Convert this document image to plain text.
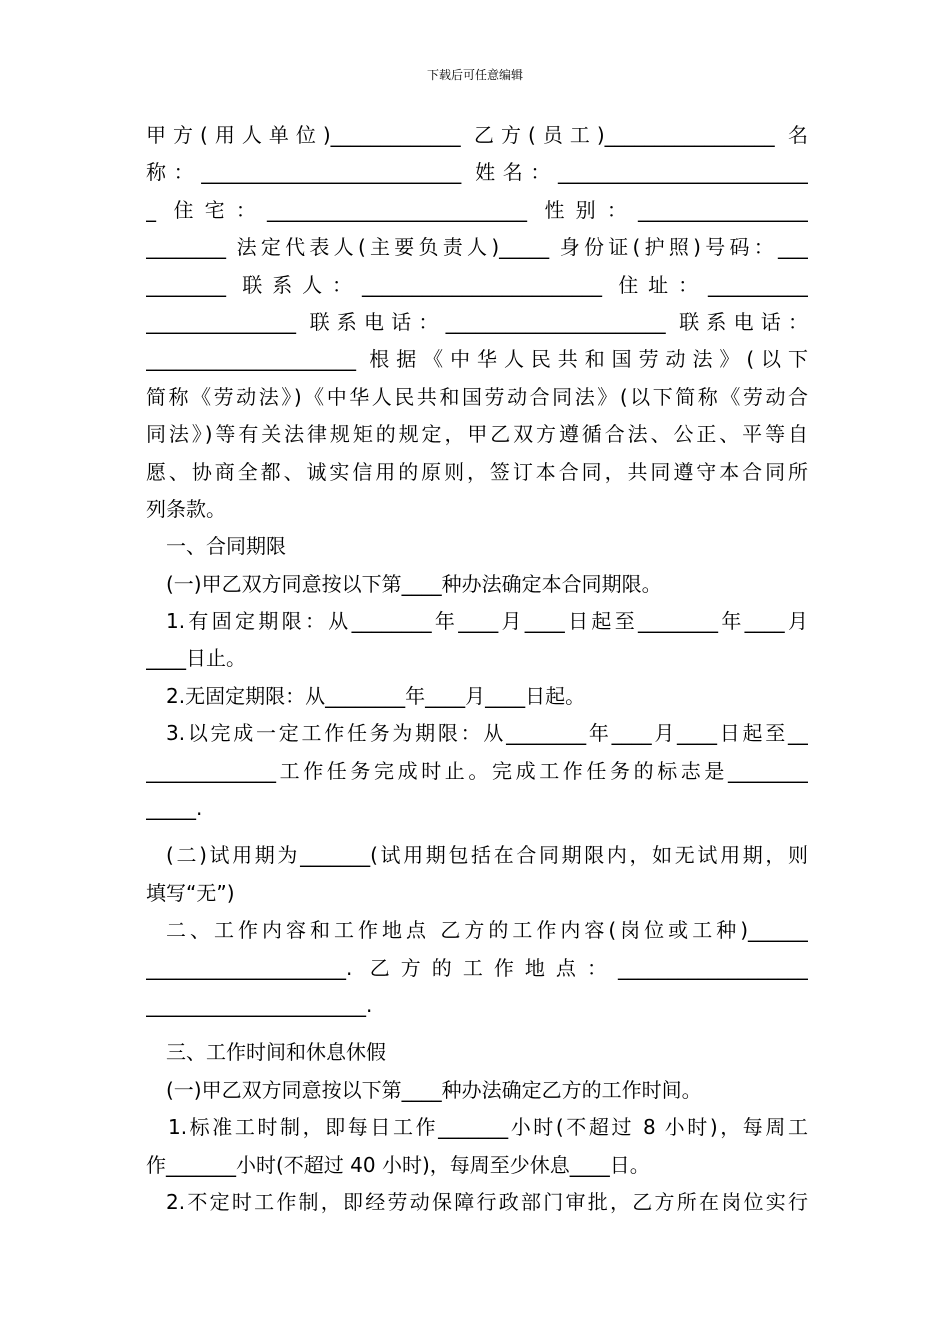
下载后可任意编辑
甲方(用人单位)_____________ 乙方(员工)_________________ 名
称：__________________________ 姓名：_________________________
_ 住宅：__________________________ 性别：_________________
________ 法定代表人(主要负责人)_____ 身份证(护照)号码：___
________ 联系人：________________________ 住址：__________
_______________ 联系电话：______________________ 联系电话：
_____________________ 根据《中华人民共和国劳动法》(以下
简称《劳动法》)《中华人民共和国劳动合同法》(以下简称《劳动合
同法》)等有关法律规矩的规定，甲乙双方遵循合法、公正、平等自
愿、协商全都、诚实信用的原则，签订本合同，共同遵守本合同所
列条款。
一、合同期限
(一)甲乙双方同意按以下第____种办法确定本合同期限。
1.有固定期限：从________年____月____日起至________年____月
____日止。
2.无固定期限：从________年____月____日起。
3.以完成一定工作任务为期限：从________年____月____日起至__
_____________工作任务完成时止。完成工作任务的标志是________
_____.
(二)试用期为_______(试用期包括在合同期限内，如无试用期，则
填写“无”)
二、工作内容和工作地点 乙方的工作内容(岗位或工种)______
____________________. 乙方的工作地点：___________________
______________________.
三、工作时间和休息休假
(一)甲乙双方同意按以下第____种办法确定乙方的工作时间。
1.标准工时制，即每日工作_______小时(不超过 8 小时)，每周工
作_______小时(不超过 40 小时)，每周至少休息____日。
2.不定时工作制，即经劳动保障行政部门审批，乙方所在岗位实行
